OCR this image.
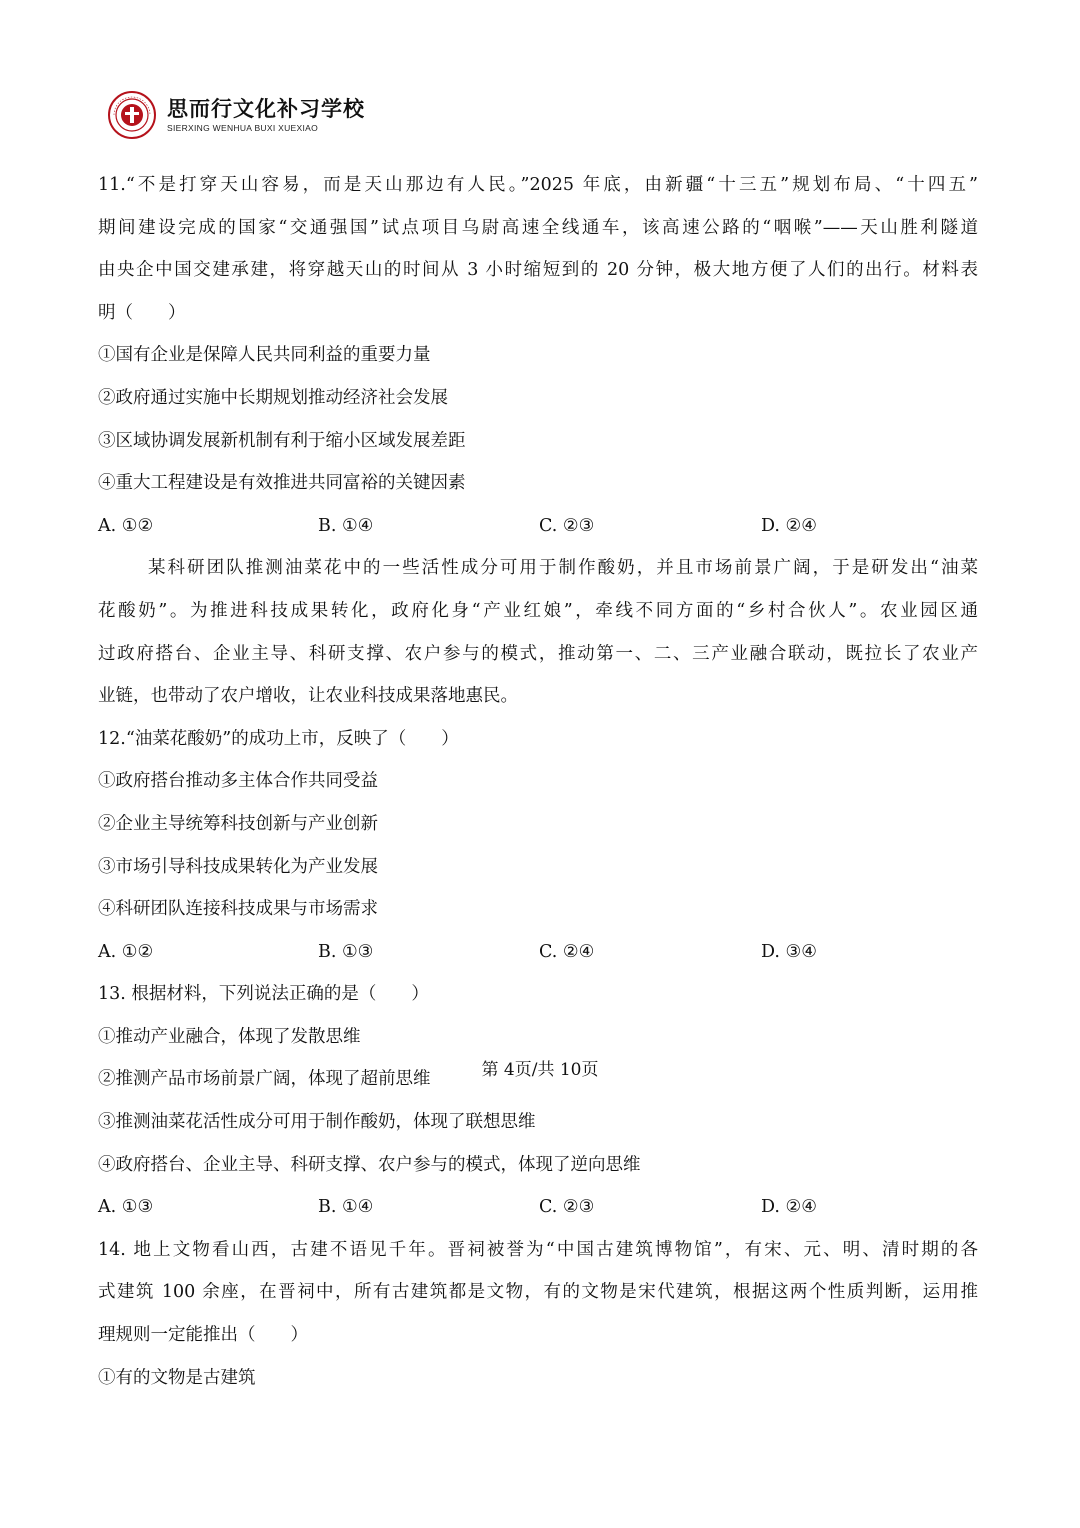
思而行文化补习学校
SIERXING WENHUA BUXI XUEXIAO
11.“不是打穿天山容易，而是天山那边有人民。”2025 年底，由新疆“十三五”规划布局、“十四五”
期间建设完成的国家“交通强国”试点项目乌尉高速全线通车，该高速公路的“咽喉”——天山胜利隧道
由央企中国交建承建，将穿越天山的时间从 3 小时缩短到的 20 分钟，极大地方便了人们的出行。材料表
明（　　）
①国有企业是保障人民共同利益的重要力量
②政府通过实施中长期规划推动经济社会发展
③区域协调发展新机制有利于缩小区域发展差距
④重大工程建设是有效推进共同富裕的关键因素
A. ①②	B. ①④	C. ②③	D. ②④
某科研团队推测油菜花中的一些活性成分可用于制作酸奶，并且市场前景广阔，于是研发出“油菜
花酸奶”。为推进科技成果转化，政府化身“产业红娘”，牵线不同方面的“乡村合伙人”。农业园区通
过政府搭台、企业主导、科研支撑、农户参与的模式，推动第一、二、三产业融合联动，既拉长了农业产
业链，也带动了农户增收，让农业科技成果落地惠民。
12.“油菜花酸奶”的成功上市，反映了（　　）
①政府搭台推动多主体合作共同受益
②企业主导统筹科技创新与产业创新
③市场引导科技成果转化为产业发展
④科研团队连接科技成果与市场需求
A. ①②	B. ①③	C. ②④	D. ③④
13. 根据材料，下列说法正确的是（　　）
①推动产业融合，体现了发散思维
②推测产品市场前景广阔，体现了超前思维
③推测油菜花活性成分可用于制作酸奶，体现了联想思维
④政府搭台、企业主导、科研支撑、农户参与的模式，体现了逆向思维
A. ①③	B. ①④	C. ②③	D. ②④
14. 地上文物看山西，古建不语见千年。晋祠被誉为“中国古建筑博物馆”，有宋、元、明、清时期的各
式建筑 100 余座，在晋祠中，所有古建筑都是文物，有的文物是宋代建筑，根据这两个性质判断，运用推
理规则一定能推出（　　）
①有的文物是古建筑
第 4页/共 10页
